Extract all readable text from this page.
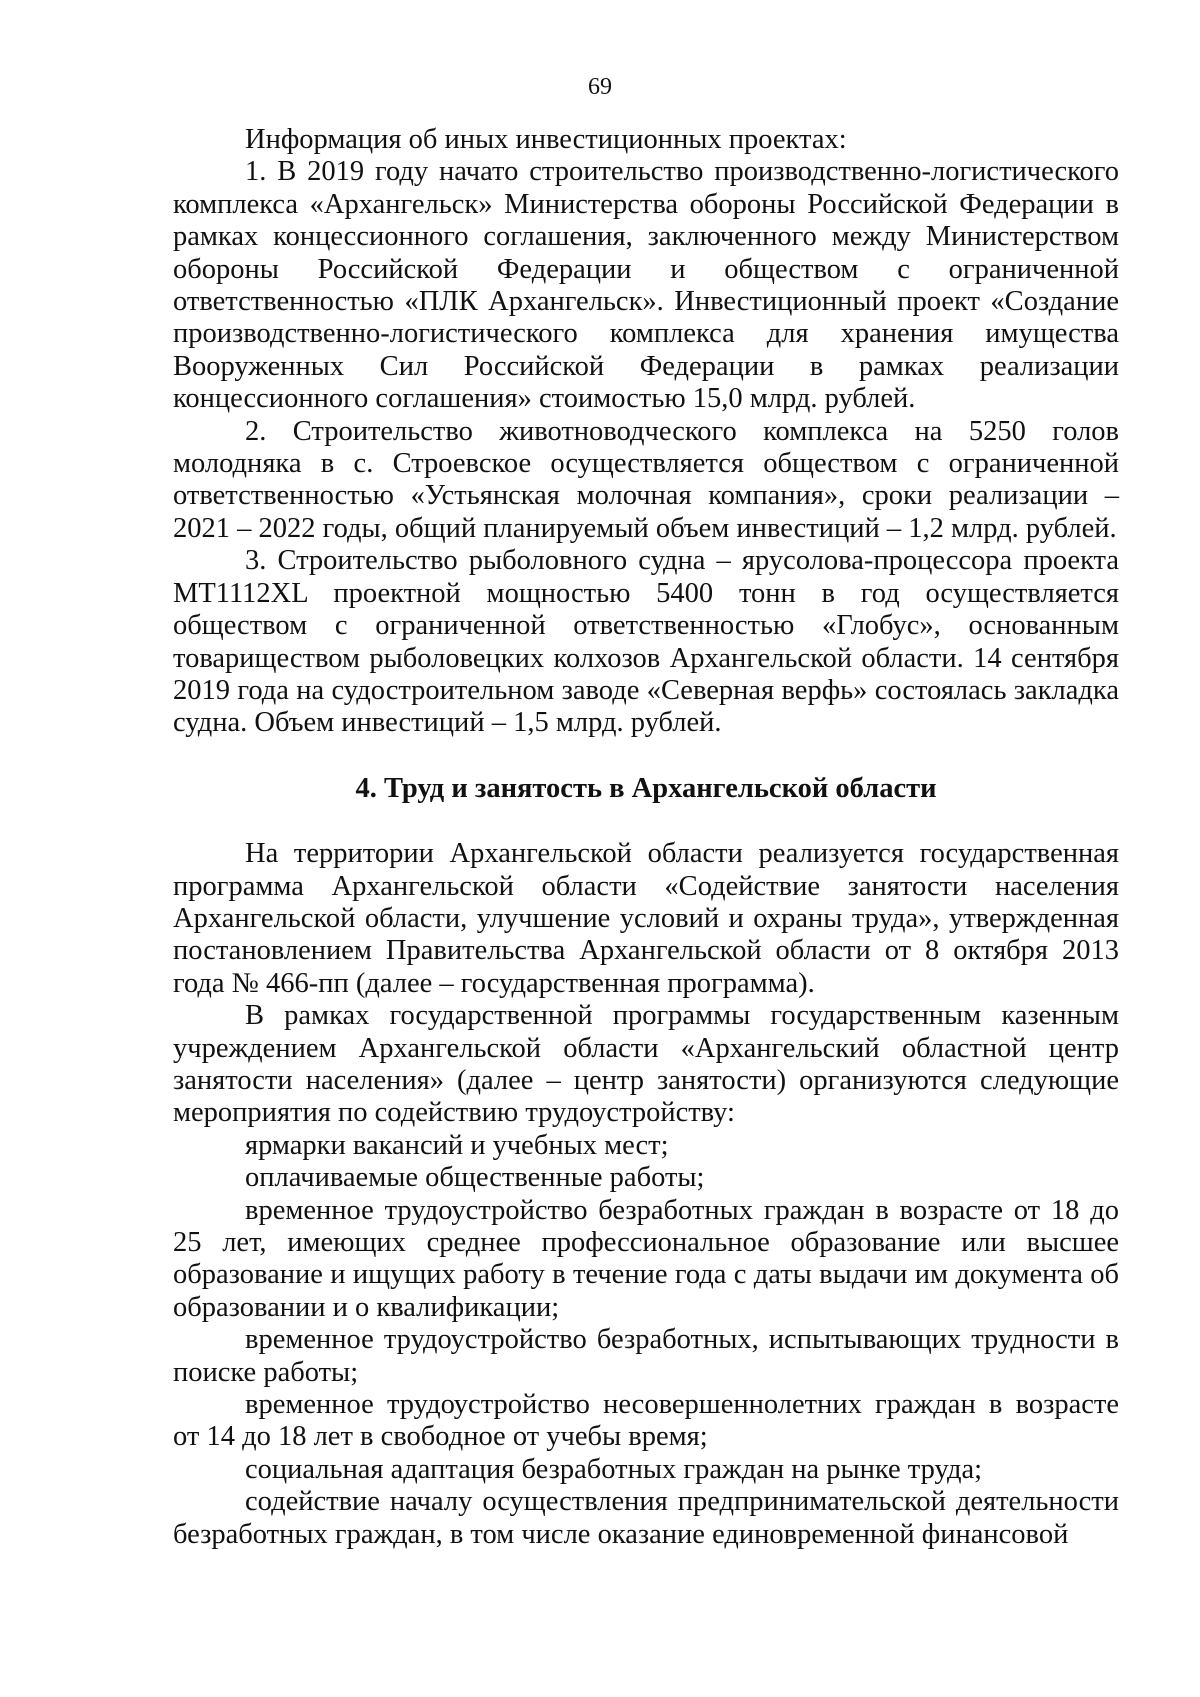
69

Информация об иных инвестиционных проектах:

1. В 2019 году начато строительство производственно-логистического комплекса «Архангельск» Министерства обороны Российской Федерации в рамках концессионного соглашения, заключенного между Министерством обороны Российской Федерации и обществом с ограниченной ответственностью «ПЛК Архангельск». Инвестиционный проект «Создание производственно-логистического комплекса для хранения имущества Вооруженных Сил Российской Федерации в рамках реализации концессионного соглашения» стоимостью 15,0 млрд. рублей.

2. Строительство животноводческого комплекса на 5250 голов молодняка в с. Строевское осуществляется обществом с ограниченной ответственностью «Устьянская молочная компания», сроки реализации – 2021 – 2022 годы, общий планируемый объем инвестиций – 1,2 млрд. рублей.

3. Строительство рыболовного судна – ярусолова-процессора проекта МТ1112XL проектной мощностью 5400 тонн в год осуществляется обществом с ограниченной ответственностью «Глобус», основанным товариществом рыболовецких колхозов Архангельской области. 14 сентября 2019 года на судостроительном заводе «Северная верфь» состоялась закладка судна. Объем инвестиций – 1,5 млрд. рублей.

4. Труд и занятость в Архангельской области

На территории Архангельской области реализуется государственная программа Архангельской области «Содействие занятости населения Архангельской области, улучшение условий и охраны труда», утвержденная постановлением Правительства Архангельской области от 8 октября 2013 года № 466-пп (далее – государственная программа).

В рамках государственной программы государственным казенным учреждением Архангельской области «Архангельский областной центр занятости населения» (далее – центр занятости) организуются следующие мероприятия по содействию трудоустройству:

ярмарки вакансий и учебных мест;

оплачиваемые общественные работы;

временное трудоустройство безработных граждан в возрасте от 18 до 25 лет, имеющих среднее профессиональное образование или высшее образование и ищущих работу в течение года с даты выдачи им документа об образовании и о квалификации;

временное трудоустройство безработных, испытывающих трудности в поиске работы;

временное трудоустройство несовершеннолетних граждан в возрасте от 14 до 18 лет в свободное от учебы время;

социальная адаптация безработных граждан на рынке труда;

содействие началу осуществления предпринимательской деятельности безработных граждан, в том числе оказание единовременной финансовой
